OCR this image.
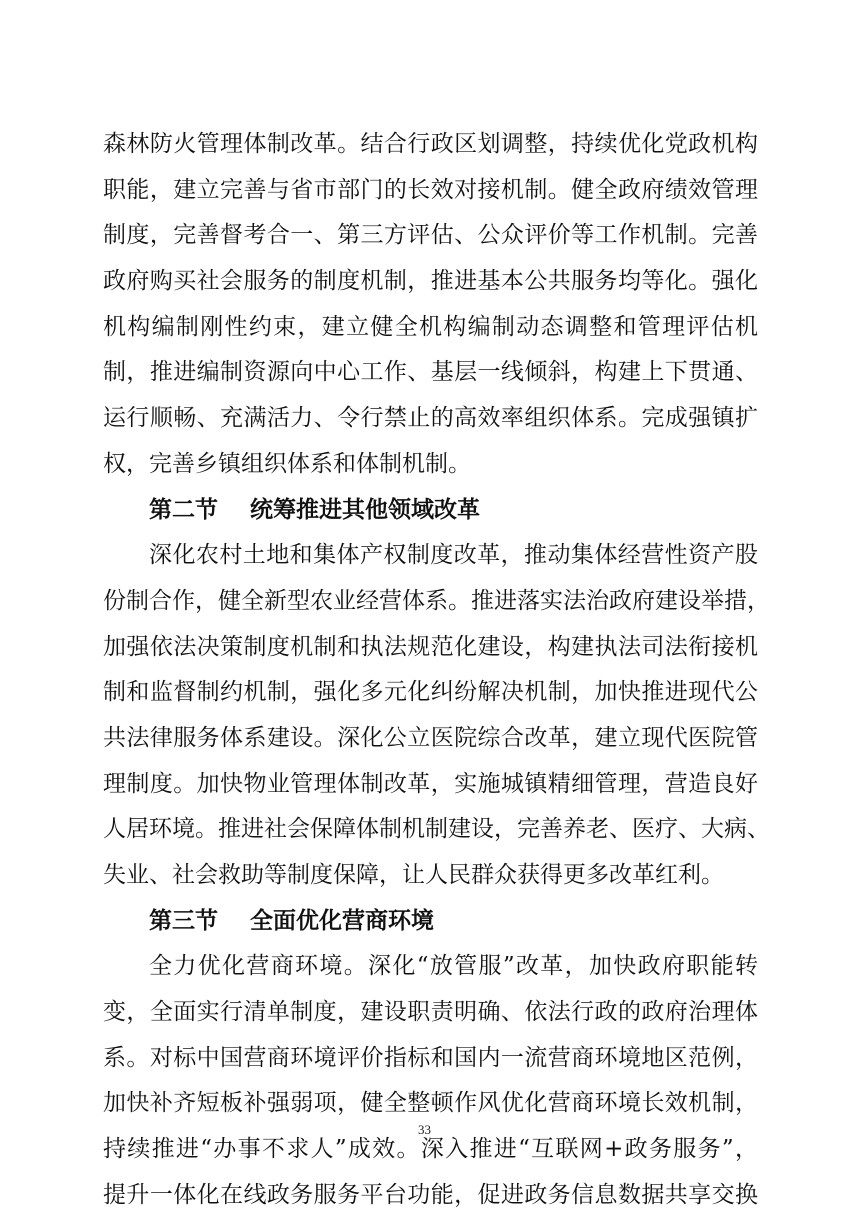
森林防火管理体制改革。结合行政区划调整，持续优化党政机构
职能，建立完善与省市部门的长效对接机制。健全政府绩效管理
制度，完善督考合一、第三方评估、公众评价等工作机制。完善
政府购买社会服务的制度机制，推进基本公共服务均等化。强化
机构编制刚性约束，建立健全机构编制动态调整和管理评估机
制，推进编制资源向中心工作、基层一线倾斜，构建上下贯通、
运行顺畅、充满活力、令行禁止的高效率组织体系。完成强镇扩
权，完善乡镇组织体系和体制机制。
第二节 统筹推进其他领域改革
深化农村土地和集体产权制度改革，推动集体经营性资产股
份制合作，健全新型农业经营体系。推进落实法治政府建设举措，
加强依法决策制度机制和执法规范化建设，构建执法司法衔接机
制和监督制约机制，强化多元化纠纷解决机制，加快推进现代公
共法律服务体系建设。深化公立医院综合改革，建立现代医院管
理制度。加快物业管理体制改革，实施城镇精细管理，营造良好
人居环境。推进社会保障体制机制建设，完善养老、医疗、大病、
失业、社会救助等制度保障，让人民群众获得更多改革红利。
第三节 全面优化营商环境
全力优化营商环境。深化“放管服”改革，加快政府职能转
变，全面实行清单制度，建设职责明确、依法行政的政府治理体
系。对标中国营商环境评价指标和国内一流营商环境地区范例，
加快补齐短板补强弱项，健全整顿作风优化营商环境长效机制，
持续推进“办事不求人”成效。深入推进“互联网+政务服务”，
提升一体化在线政务服务平台功能，促进政务信息数据共享交换
33
